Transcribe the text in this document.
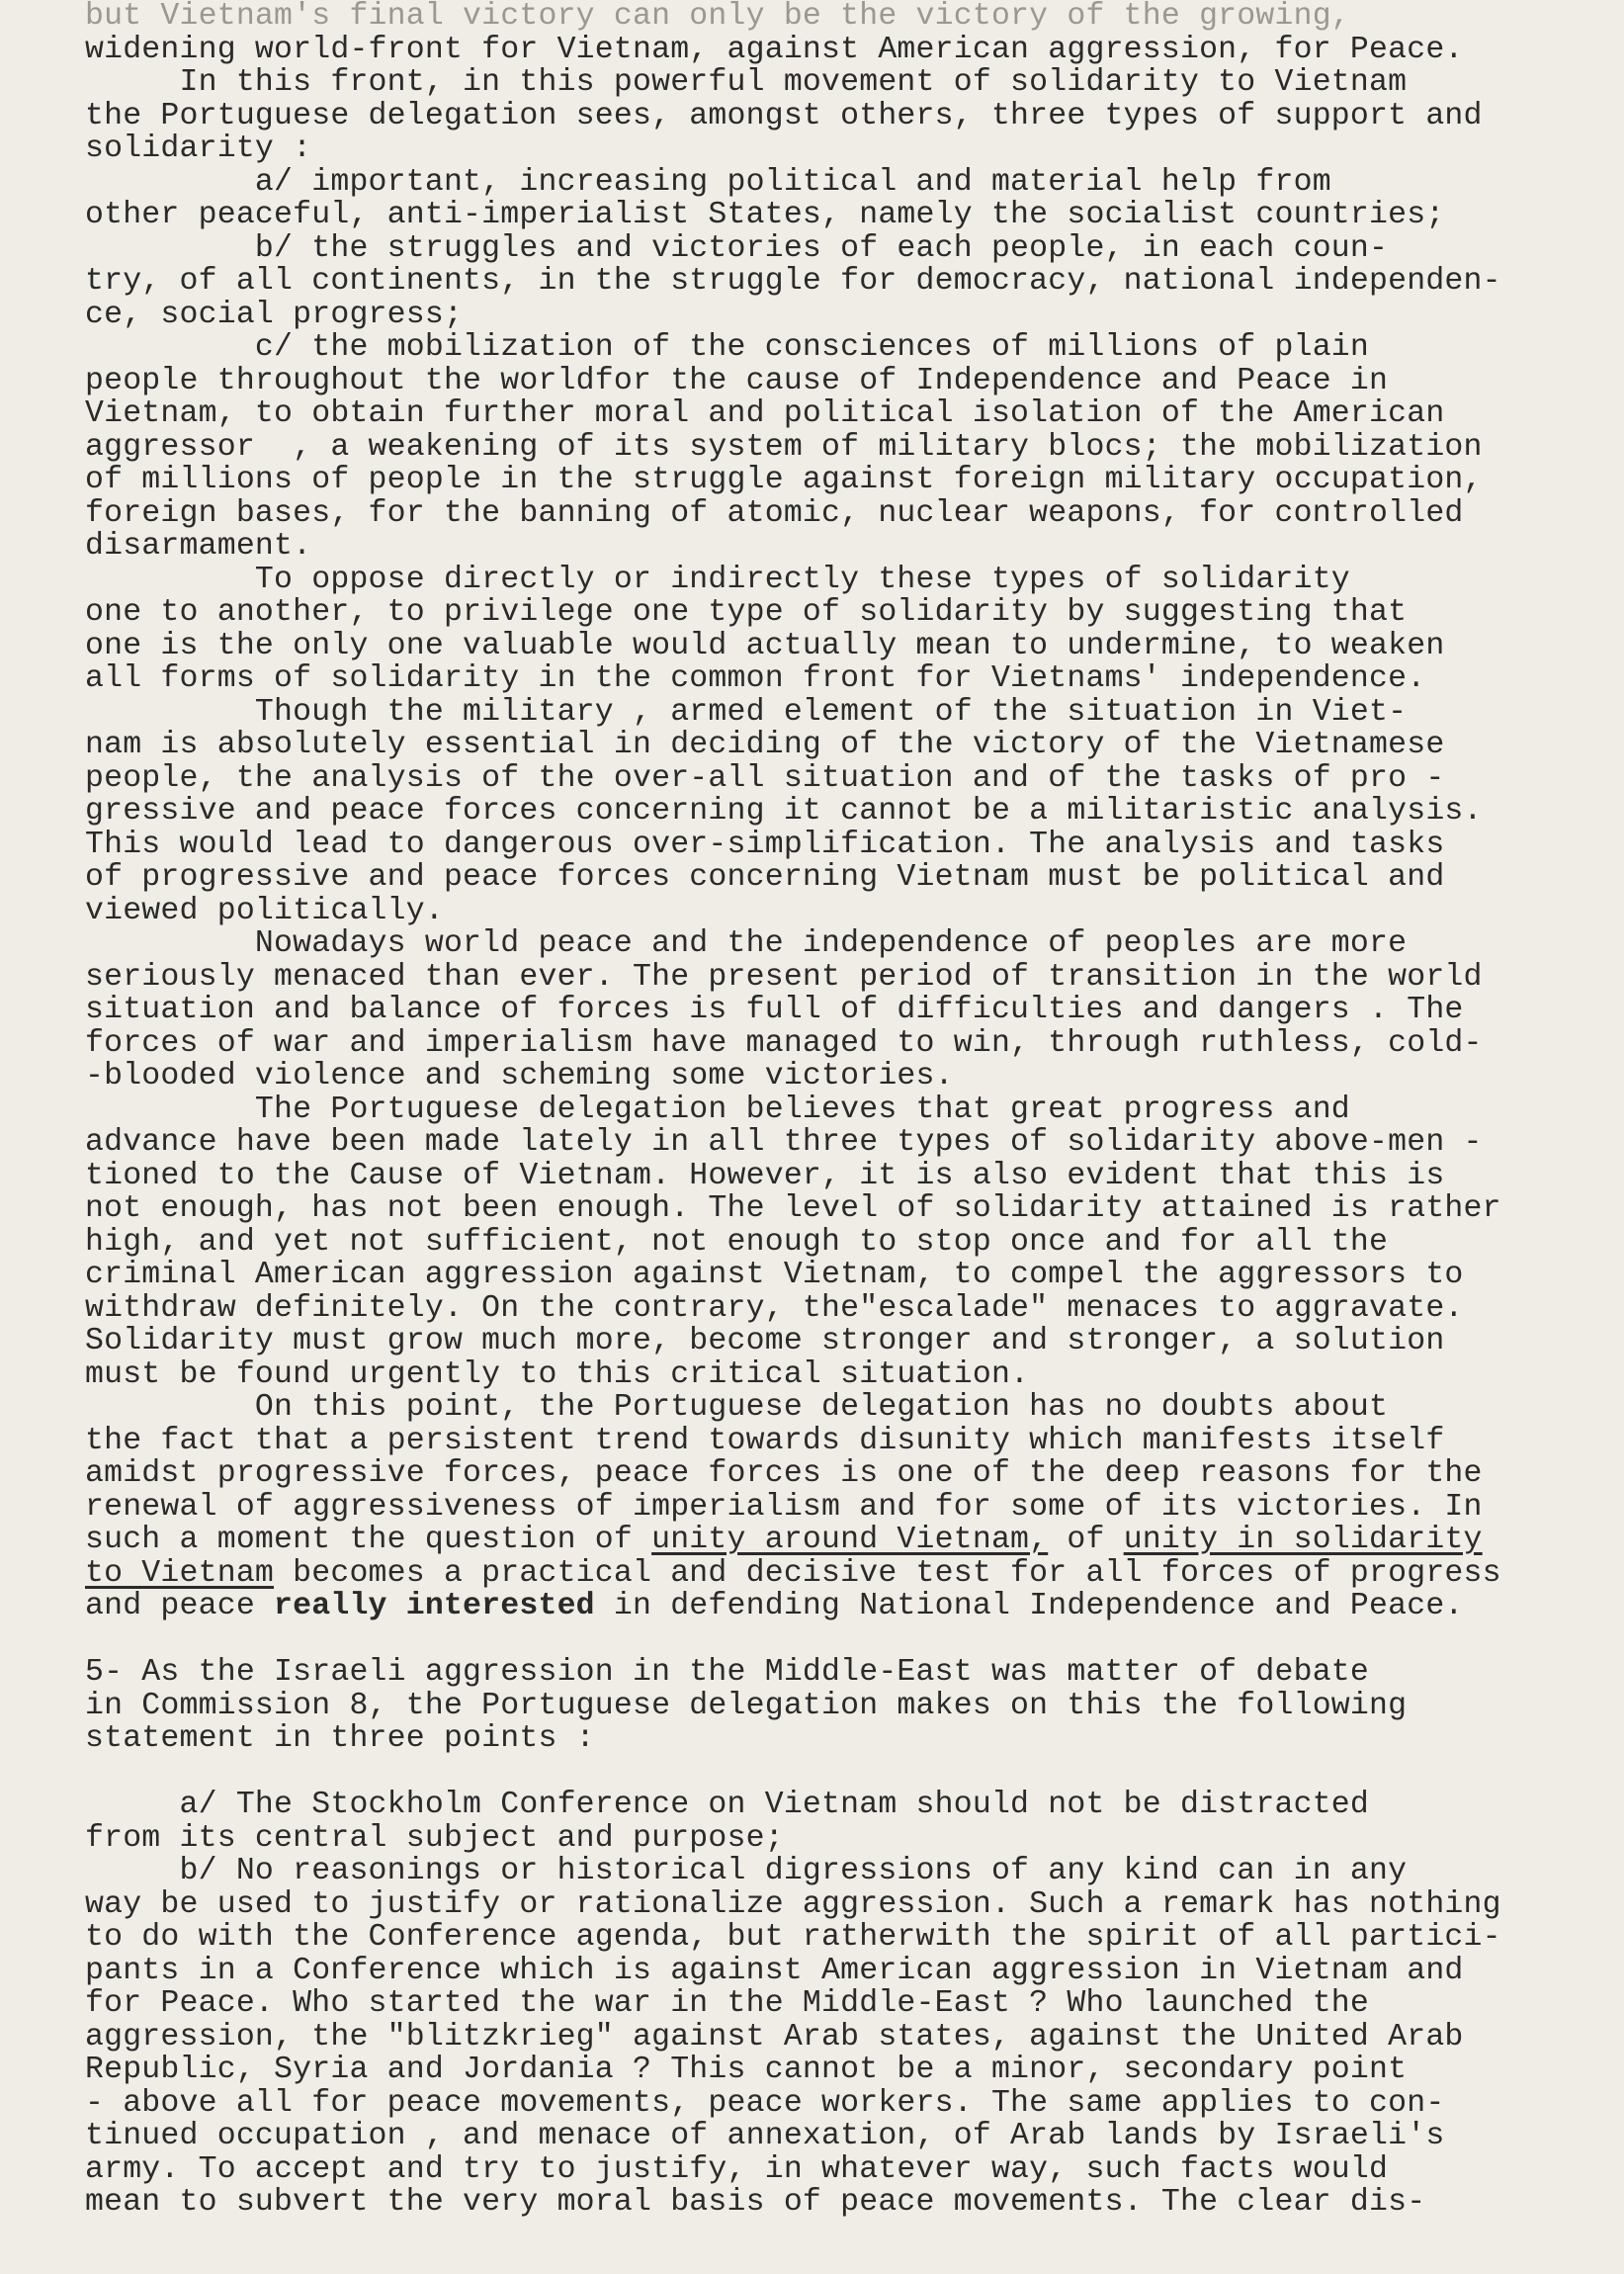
but Vietnam's final victory can only be the victory of the growing,

widening world-front for Vietnam, against American aggression, for Peace.

In this front, in this powerful movement of solidarity to Vietnam

the Portuguese delegation sees, amongst others, three types of support and

solidarity :

a/ important, increasing political and material help from

other peaceful, anti-imperialist States, namely the socialist countries;

b/ the struggles and victories of each people, in each coun-

try, of all continents, in the struggle for democracy, national independen-

ce, social progress;

c/ the mobilization of the consciences of millions of plain

people throughout the worldfor the cause of Independence and Peace in

Vietnam, to obtain further moral and political isolation of the American

aggressor  , a weakening of its system of military blocs; the mobilization

of millions of people in the struggle against foreign military occupation,

foreign bases, for the banning of atomic, nuclear weapons, for controlled

disarmament.

To oppose directly or indirectly these types of solidarity

one to another, to privilege one type of solidarity by suggesting that

one is the only one valuable would actually mean to undermine, to weaken

all forms of solidarity in the common front for Vietnams' independence.

Though the military , armed element of the situation in Viet-

nam is absolutely essential in deciding of the victory of the Vietnamese

people, the analysis of the over-all situation and of the tasks of pro -

gressive and peace forces concerning it cannot be a militaristic analysis.

This would lead to dangerous over-simplification. The analysis and tasks

of progressive and peace forces concerning Vietnam must be political and

viewed politically.

Nowadays world peace and the independence of peoples are more

seriously menaced than ever. The present period of transition in the world

situation and balance of forces is full of difficulties and dangers . The

forces of war and imperialism have managed to win, through ruthless, cold-

-blooded violence and scheming some victories.

The Portuguese delegation believes that great progress and

advance have been made lately in all three types of solidarity above-men -

tioned to the Cause of Vietnam. However, it is also evident that this is

not enough, has not been enough. The level of solidarity attained is rather

high, and yet not sufficient, not enough to stop once and for all the

criminal American aggression against Vietnam, to compel the aggressors to

withdraw definitely. On the contrary, the"escalade" menaces to aggravate.

Solidarity must grow much more, become stronger and stronger, a solution

must be found urgently to this critical situation.

On this point, the Portuguese delegation has no doubts about

the fact that a persistent trend towards disunity which manifests itself

amidst progressive forces, peace forces is one of the deep reasons for the

renewal of aggressiveness of imperialism and for some of its victories. In

such a moment the question of unity around Vietnam, of unity in solidarity

to Vietnam becomes a practical and decisive test for all forces of progress

and peace really interested in defending National Independence and Peace.

5- As the Israeli aggression in the Middle-East was matter of debate

in Commission 8, the Portuguese delegation makes on this the following

statement in three points :

a/ The Stockholm Conference on Vietnam should not be distracted

from its central subject and purpose;

b/ No reasonings or historical digressions of any kind can in any

way be used to justify or rationalize aggression. Such a remark has nothing

to do with the Conference agenda, but ratherwith the spirit of all partici-

pants in a Conference which is against American aggression in Vietnam and

for Peace. Who started the war in the Middle-East ? Who launched the

aggression, the "blitzkrieg" against Arab states, against the United Arab

Republic, Syria and Jordania ? This cannot be a minor, secondary point

- above all for peace movements, peace workers. The same applies to con-

tinued occupation , and menace of annexation, of Arab lands by Israeli's

army. To accept and try to justify, in whatever way, such facts would

mean to subvert the very moral basis of peace movements. The clear dis-
